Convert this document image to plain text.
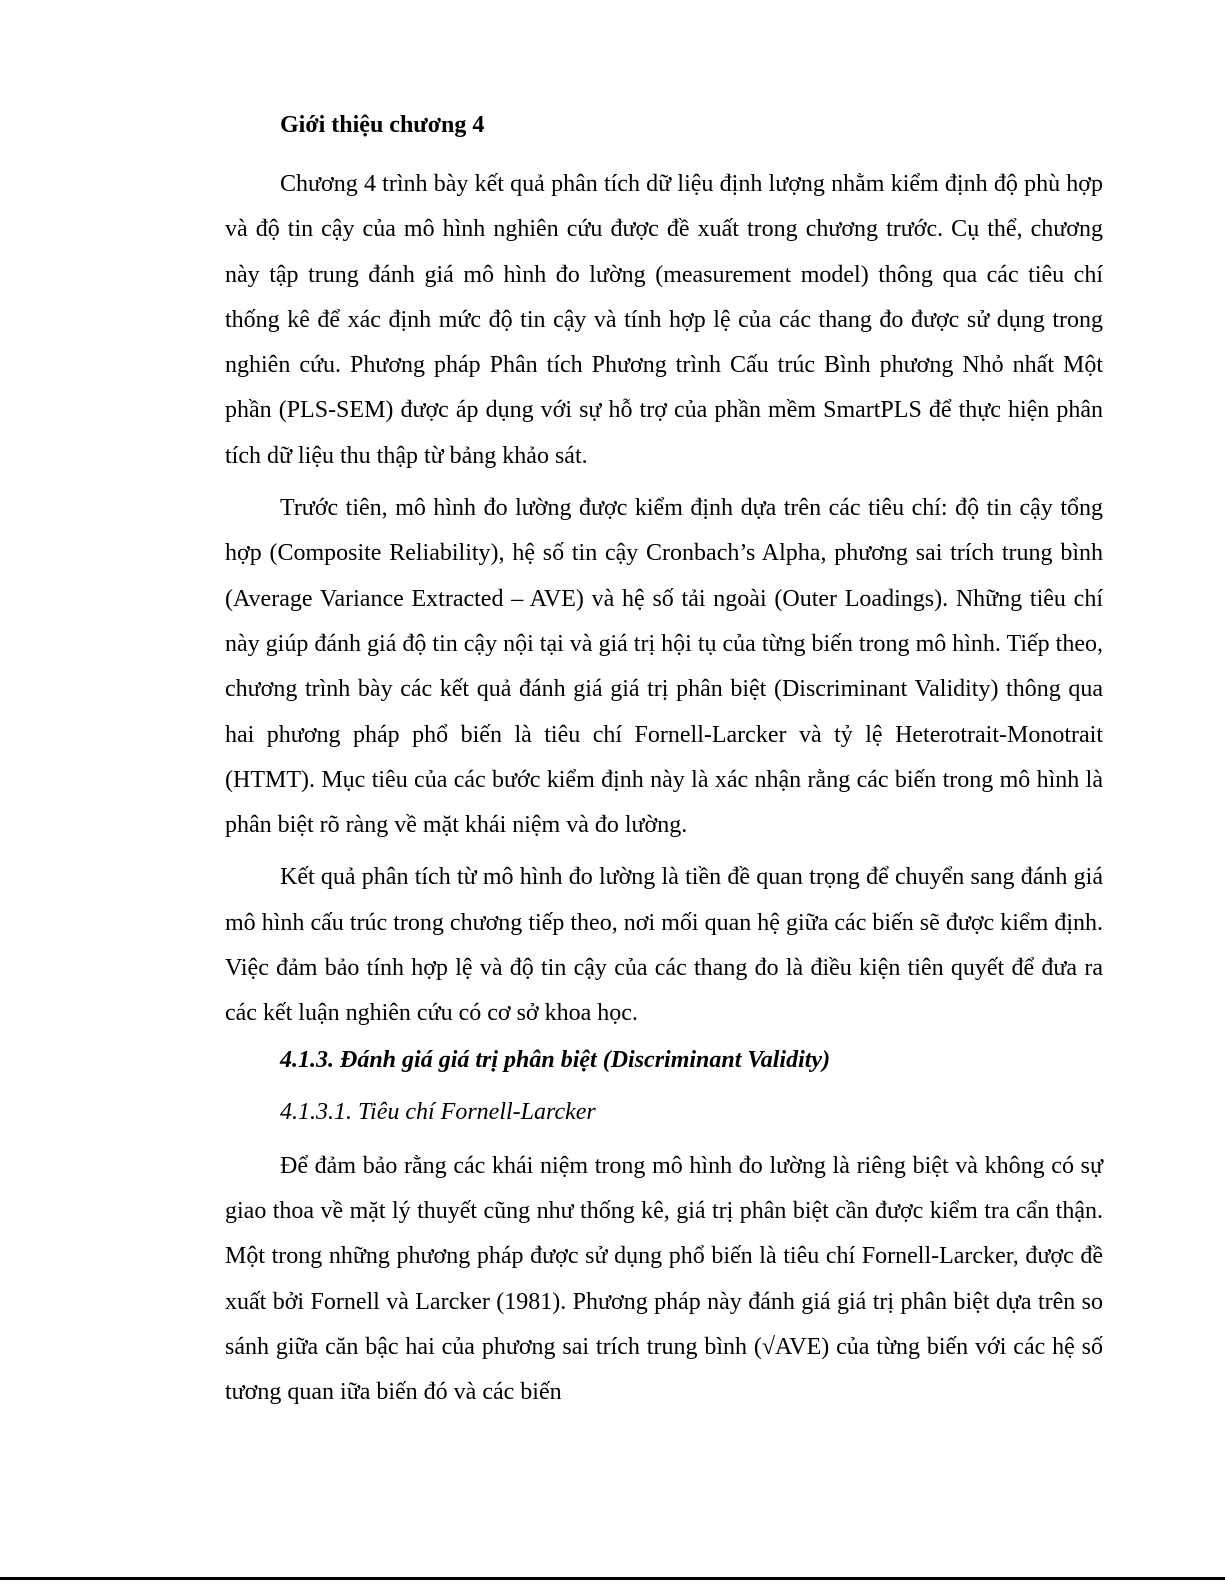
Giới thiệu chương 4

Chương 4 trình bày kết quả phân tích dữ liệu định lượng nhằm kiểm định độ phù hợp và độ tin cậy của mô hình nghiên cứu được đề xuất trong chương trước. Cụ thể, chương này tập trung đánh giá mô hình đo lường (measurement model) thông qua các tiêu chí thống kê để xác định mức độ tin cậy và tính hợp lệ của các thang đo được sử dụng trong nghiên cứu. Phương pháp Phân tích Phương trình Cấu trúc Bình phương Nhỏ nhất Một phần (PLS-SEM) được áp dụng với sự hỗ trợ của phần mềm SmartPLS để thực hiện phân tích dữ liệu thu thập từ bảng khảo sát.

Trước tiên, mô hình đo lường được kiểm định dựa trên các tiêu chí: độ tin cậy tổng hợp (Composite Reliability), hệ số tin cậy Cronbach’s Alpha, phương sai trích trung bình (Average Variance Extracted – AVE) và hệ số tải ngoài (Outer Loadings). Những tiêu chí này giúp đánh giá độ tin cậy nội tại và giá trị hội tụ của từng biến trong mô hình. Tiếp theo, chương trình bày các kết quả đánh giá giá trị phân biệt (Discriminant Validity) thông qua hai phương pháp phổ biến là tiêu chí Fornell-Larcker và tỷ lệ Heterotrait-Monotrait (HTMT). Mục tiêu của các bước kiểm định này là xác nhận rằng các biến trong mô hình là phân biệt rõ ràng về mặt khái niệm và đo lường.

Kết quả phân tích từ mô hình đo lường là tiền đề quan trọng để chuyển sang đánh giá mô hình cấu trúc trong chương tiếp theo, nơi mối quan hệ giữa các biến sẽ được kiểm định. Việc đảm bảo tính hợp lệ và độ tin cậy của các thang đo là điều kiện tiên quyết để đưa ra các kết luận nghiên cứu có cơ sở khoa học.

4.1.3. Đánh giá giá trị phân biệt (Discriminant Validity)
4.1.3.1. Tiêu chí Fornell-Larcker

Để đảm bảo rằng các khái niệm trong mô hình đo lường là riêng biệt và không có sự giao thoa về mặt lý thuyết cũng như thống kê, giá trị phân biệt cần được kiểm tra cẩn thận. Một trong những phương pháp được sử dụng phổ biến là tiêu chí Fornell-Larcker, được đề xuất bởi Fornell và Larcker (1981). Phương pháp này đánh giá giá trị phân biệt dựa trên so sánh giữa căn bậc hai của phương sai trích trung bình (√AVE) của từng biến với các hệ số tương quan iữa biến đó và các biến
